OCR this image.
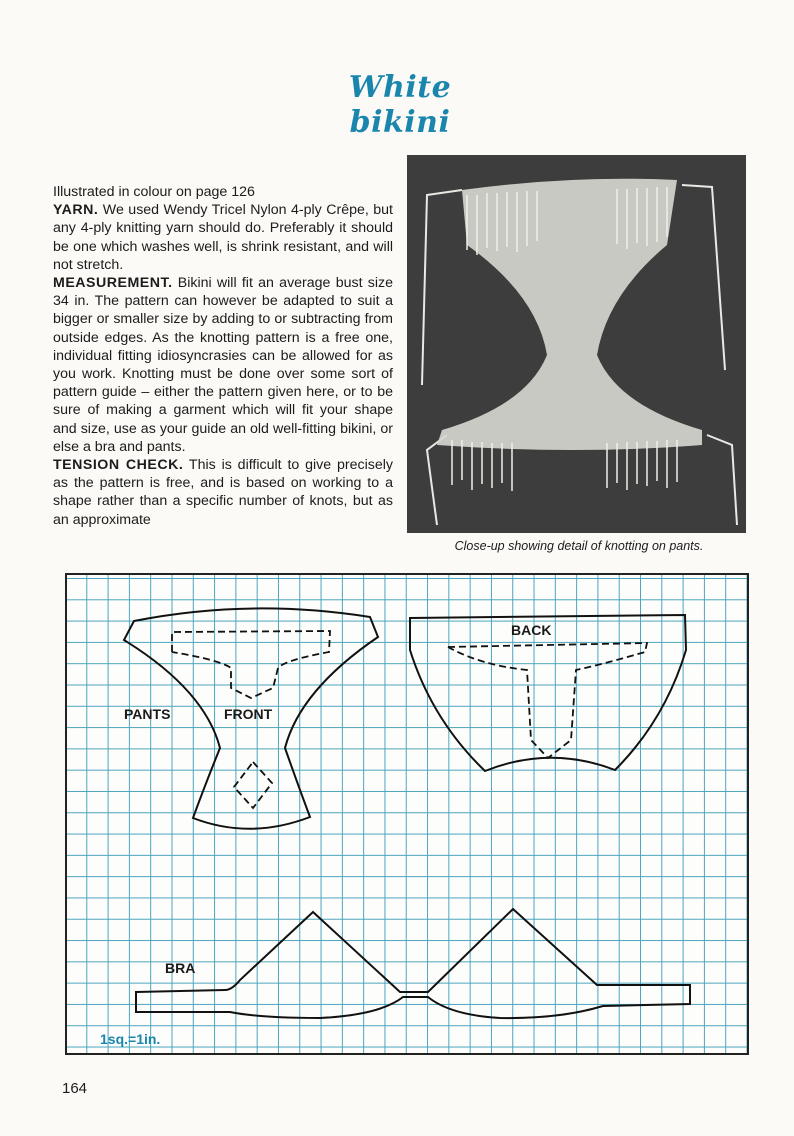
White bikini

Illustrated in colour on page 126

YARN. We used Wendy Tricel Nylon 4-ply Crêpe, but any 4-ply knitting yarn should do. Preferably it should be one which washes well, is shrink resistant, and will not stretch.

MEASUREMENT. Bikini will fit an average bust size 34 in. The pattern can however be adapted to suit a bigger or smaller size by adding to or subtracting from outside edges. As the knotting pattern is a free one, individual fitting idiosyncrasies can be allowed for as you work. Knotting must be done over some sort of pattern guide – either the pattern given here, or to be sure of making a garment which will fit your shape and size, use as your guide an old well-fitting bikini, or else a bra and pants.

TENSION CHECK. This is difficult to give precisely as the pattern is free, and is based on working to a shape rather than a specific number of knots, but as an approximate

Close-up showing detail of knotting on pants.
PANTS	FRONT
BACK
BRA
1sq.=1in.
164
